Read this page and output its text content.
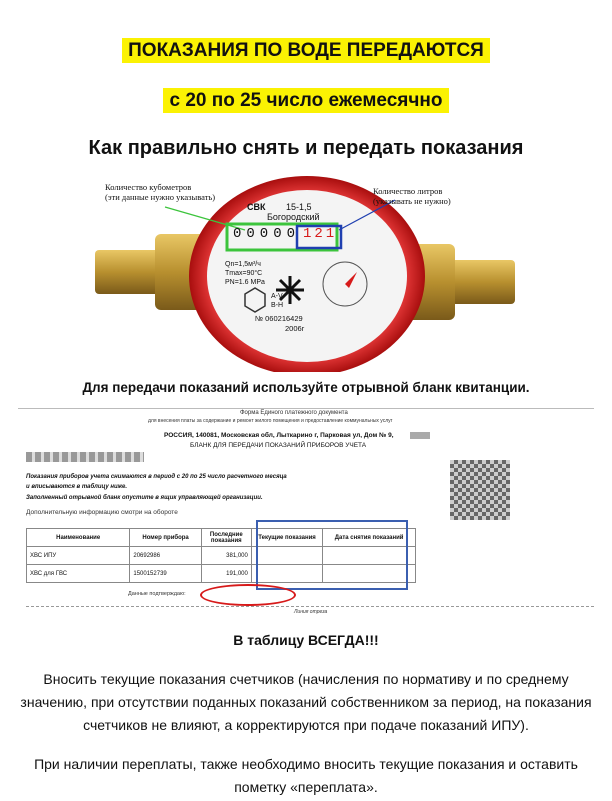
ПОКАЗАНИЯ ПО ВОДЕ ПЕРЕДАЮТСЯ
с 20 по 25 число ежемесячно
Как правильно снять и передать показания
Количество кубометров
(эти данные нужно указывать)
Количество литров
(указывать не нужно)
СВК 15-1,5
Богородский
00000 121
Qn=1,5м³/ч
Tmax=90°С
PN=1.6 MPa
A-V
B-H
№ 060216429
2006г
Для передачи показаний используйте отрывной бланк квитанции.
Форма Единого платежного документа
для внесения платы за содержание и ремонт жилого помещения и предоставление коммунальных услуг
РОССИЯ, 140081, Московская обл, Лыткарино г, Парковая ул, Дом № 9,
БЛАНК ДЛЯ ПЕРЕДАЧИ ПОКАЗАНИЙ ПРИБОРОВ УЧЕТА
Показания приборов учета снимаются в период с 20 по 25 число расчетного месяца
и вписываются в таблицу ниже.
Заполненный отрывной бланк опустите в ящик управляющей организации.
Дополнительную информацию смотри на обороте
Наименование	Номер прибора	Последние показания	Текущие показания	Дата снятия показаний
ХВС ИПУ	20692986	381,000		
ХВС для ГВС	1500152739	191,000		
Данные подтверждаю:
Линия отреза
В таблицу ВСЕГДА!!!
Вносить текущие показания счетчиков (начисления по нормативу и по среднему значению, при отсутствии поданных показаний собственником за период, на показания счетчиков не влияют, а корректируются при подаче показаний ИПУ).
При наличии переплаты, также необходимо вносить текущие показания и оставить пометку «переплата».
